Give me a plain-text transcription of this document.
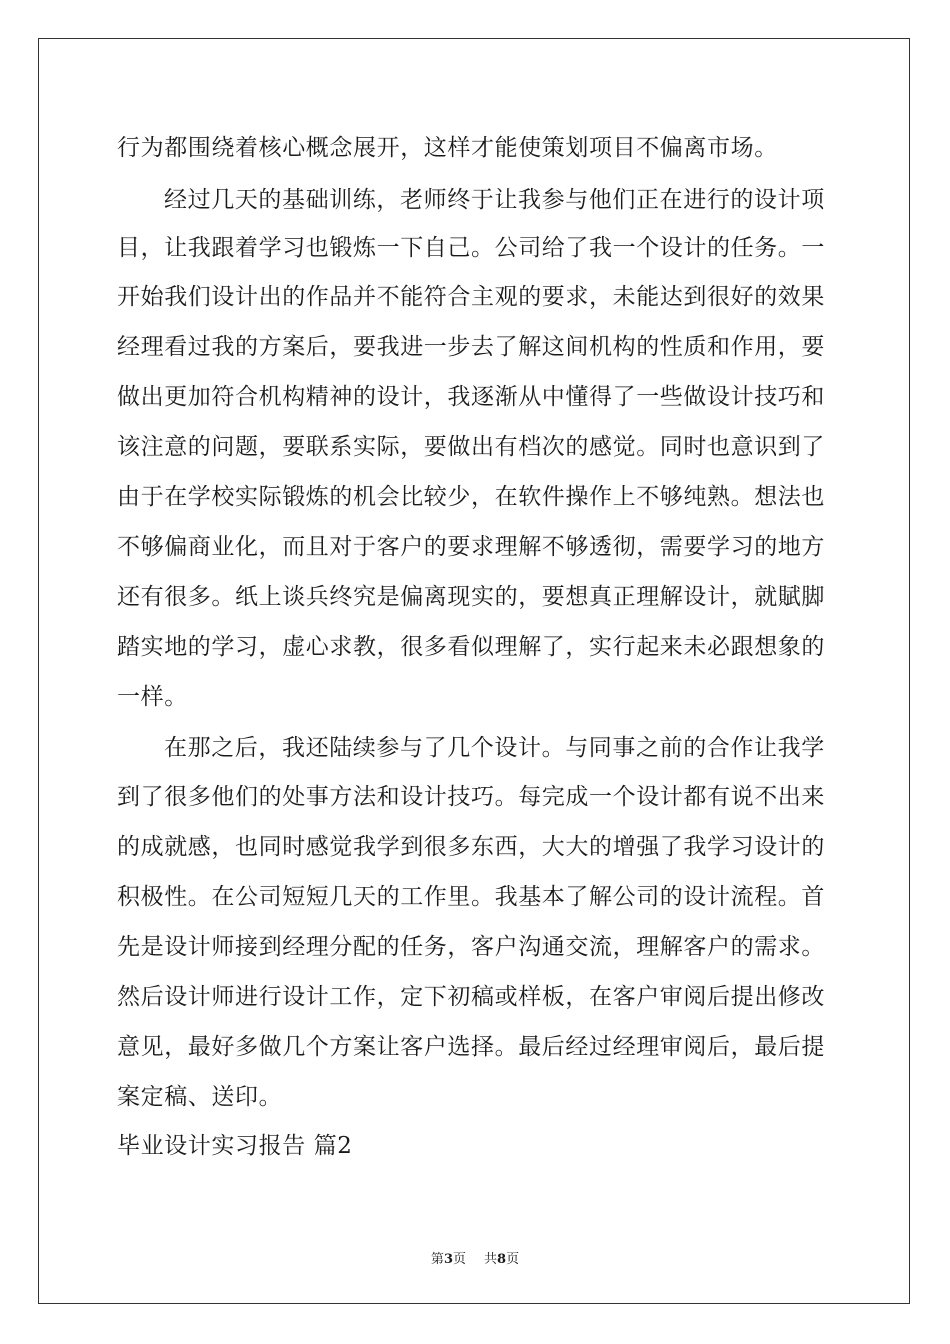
行为都围绕着核心概念展开，这样才能使策划项目不偏离市场。
经过几天的基础训练，老师终于让我参与他们正在进行的设计项
目，让我跟着学习也锻炼一下自己。公司给了我一个设计的任务。一
开始我们设计出的作品并不能符合主观的要求，未能达到很好的效果
经理看过我的方案后，要我进一步去了解这间机构的性质和作用，要
做出更加符合机构精神的设计，我逐渐从中懂得了一些做设计技巧和
该注意的问题，要联系实际，要做出有档次的感觉。同时也意识到了
由于在学校实际锻炼的机会比较少，在软件操作上不够纯熟。想法也
不够偏商业化，而且对于客户的要求理解不够透彻，需要学习的地方
还有很多。纸上谈兵终究是偏离现实的，要想真正理解设计，就賦脚
踏实地的学习，虚心求教，很多看似理解了，实行起来未必跟想象的
一样。
在那之后，我还陆续参与了几个设计。与同事之前的合作让我学
到了很多他们的处事方法和设计技巧。每完成一个设计都有说不出来
的成就感，也同时感觉我学到很多东西，大大的增强了我学习设计的
积极性。在公司短短几天的工作里。我基本了解公司的设计流程。首
先是设计师接到经理分配的任务，客户沟通交流，理解客户的需求。
然后设计师进行设计工作，定下初稿或样板，在客户审阅后提出修改
意见，最好多做几个方案让客户选择。最后经过经理审阅后，最后提
案定稿、送印。
毕业设计实习报告 篇2
第3页 共8页
